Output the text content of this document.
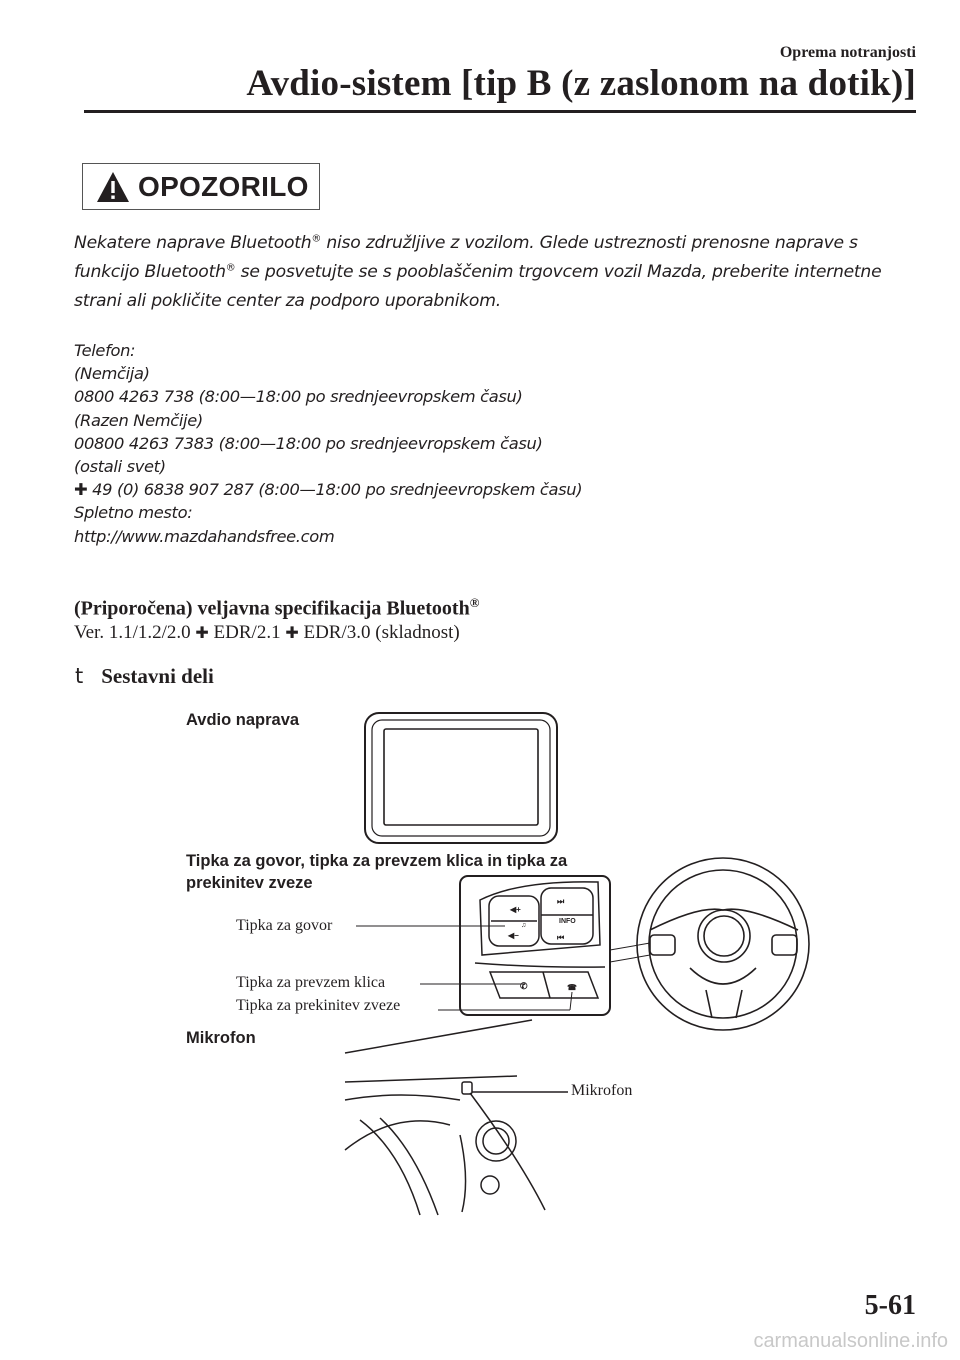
Oprema notranjosti
Avdio-sistem [tip B (z zaslonom na dotik)]
OPOZORILO
Nekatere naprave Bluetooth® niso združljive z vozilom. Glede ustreznosti prenosne naprave s funkcijo Bluetooth® se posvetujte se s pooblaščenim trgovcem vozil Mazda, preberite internetne strani ali pokličite center za podporo uporabnikom.
Telefon:
(Nemčija)
0800 4263 738 (8:00—18:00 po srednjeevropskem času)
(Razen Nemčije)
00800 4263 7383 (8:00—18:00 po srednjeevropskem času)
(ostali svet)
✚ 49 (0) 6838 907 287 (8:00—18:00 po srednjeevropskem času)
Spletno mesto:
http://www.mazdahandsfree.com
(Priporočena) veljavna specifikacija Bluetooth®
Ver. 1.1/1.2/2.0 ✚ EDR/2.1 ✚ EDR/3.0 (skladnost)
t Sestavni deli
Avdio naprava
Tipka za govor, tipka za prevzem klica in tipka za
prekinitev zveze
Tipka za govor
Tipka za prevzem klica
Tipka za prekinitev zveze
Mikrofon
Mikrofon
◀+
◀−
♫
⏭
INFO
⏮
✆	☎
5-61
carmanualsonline.info
